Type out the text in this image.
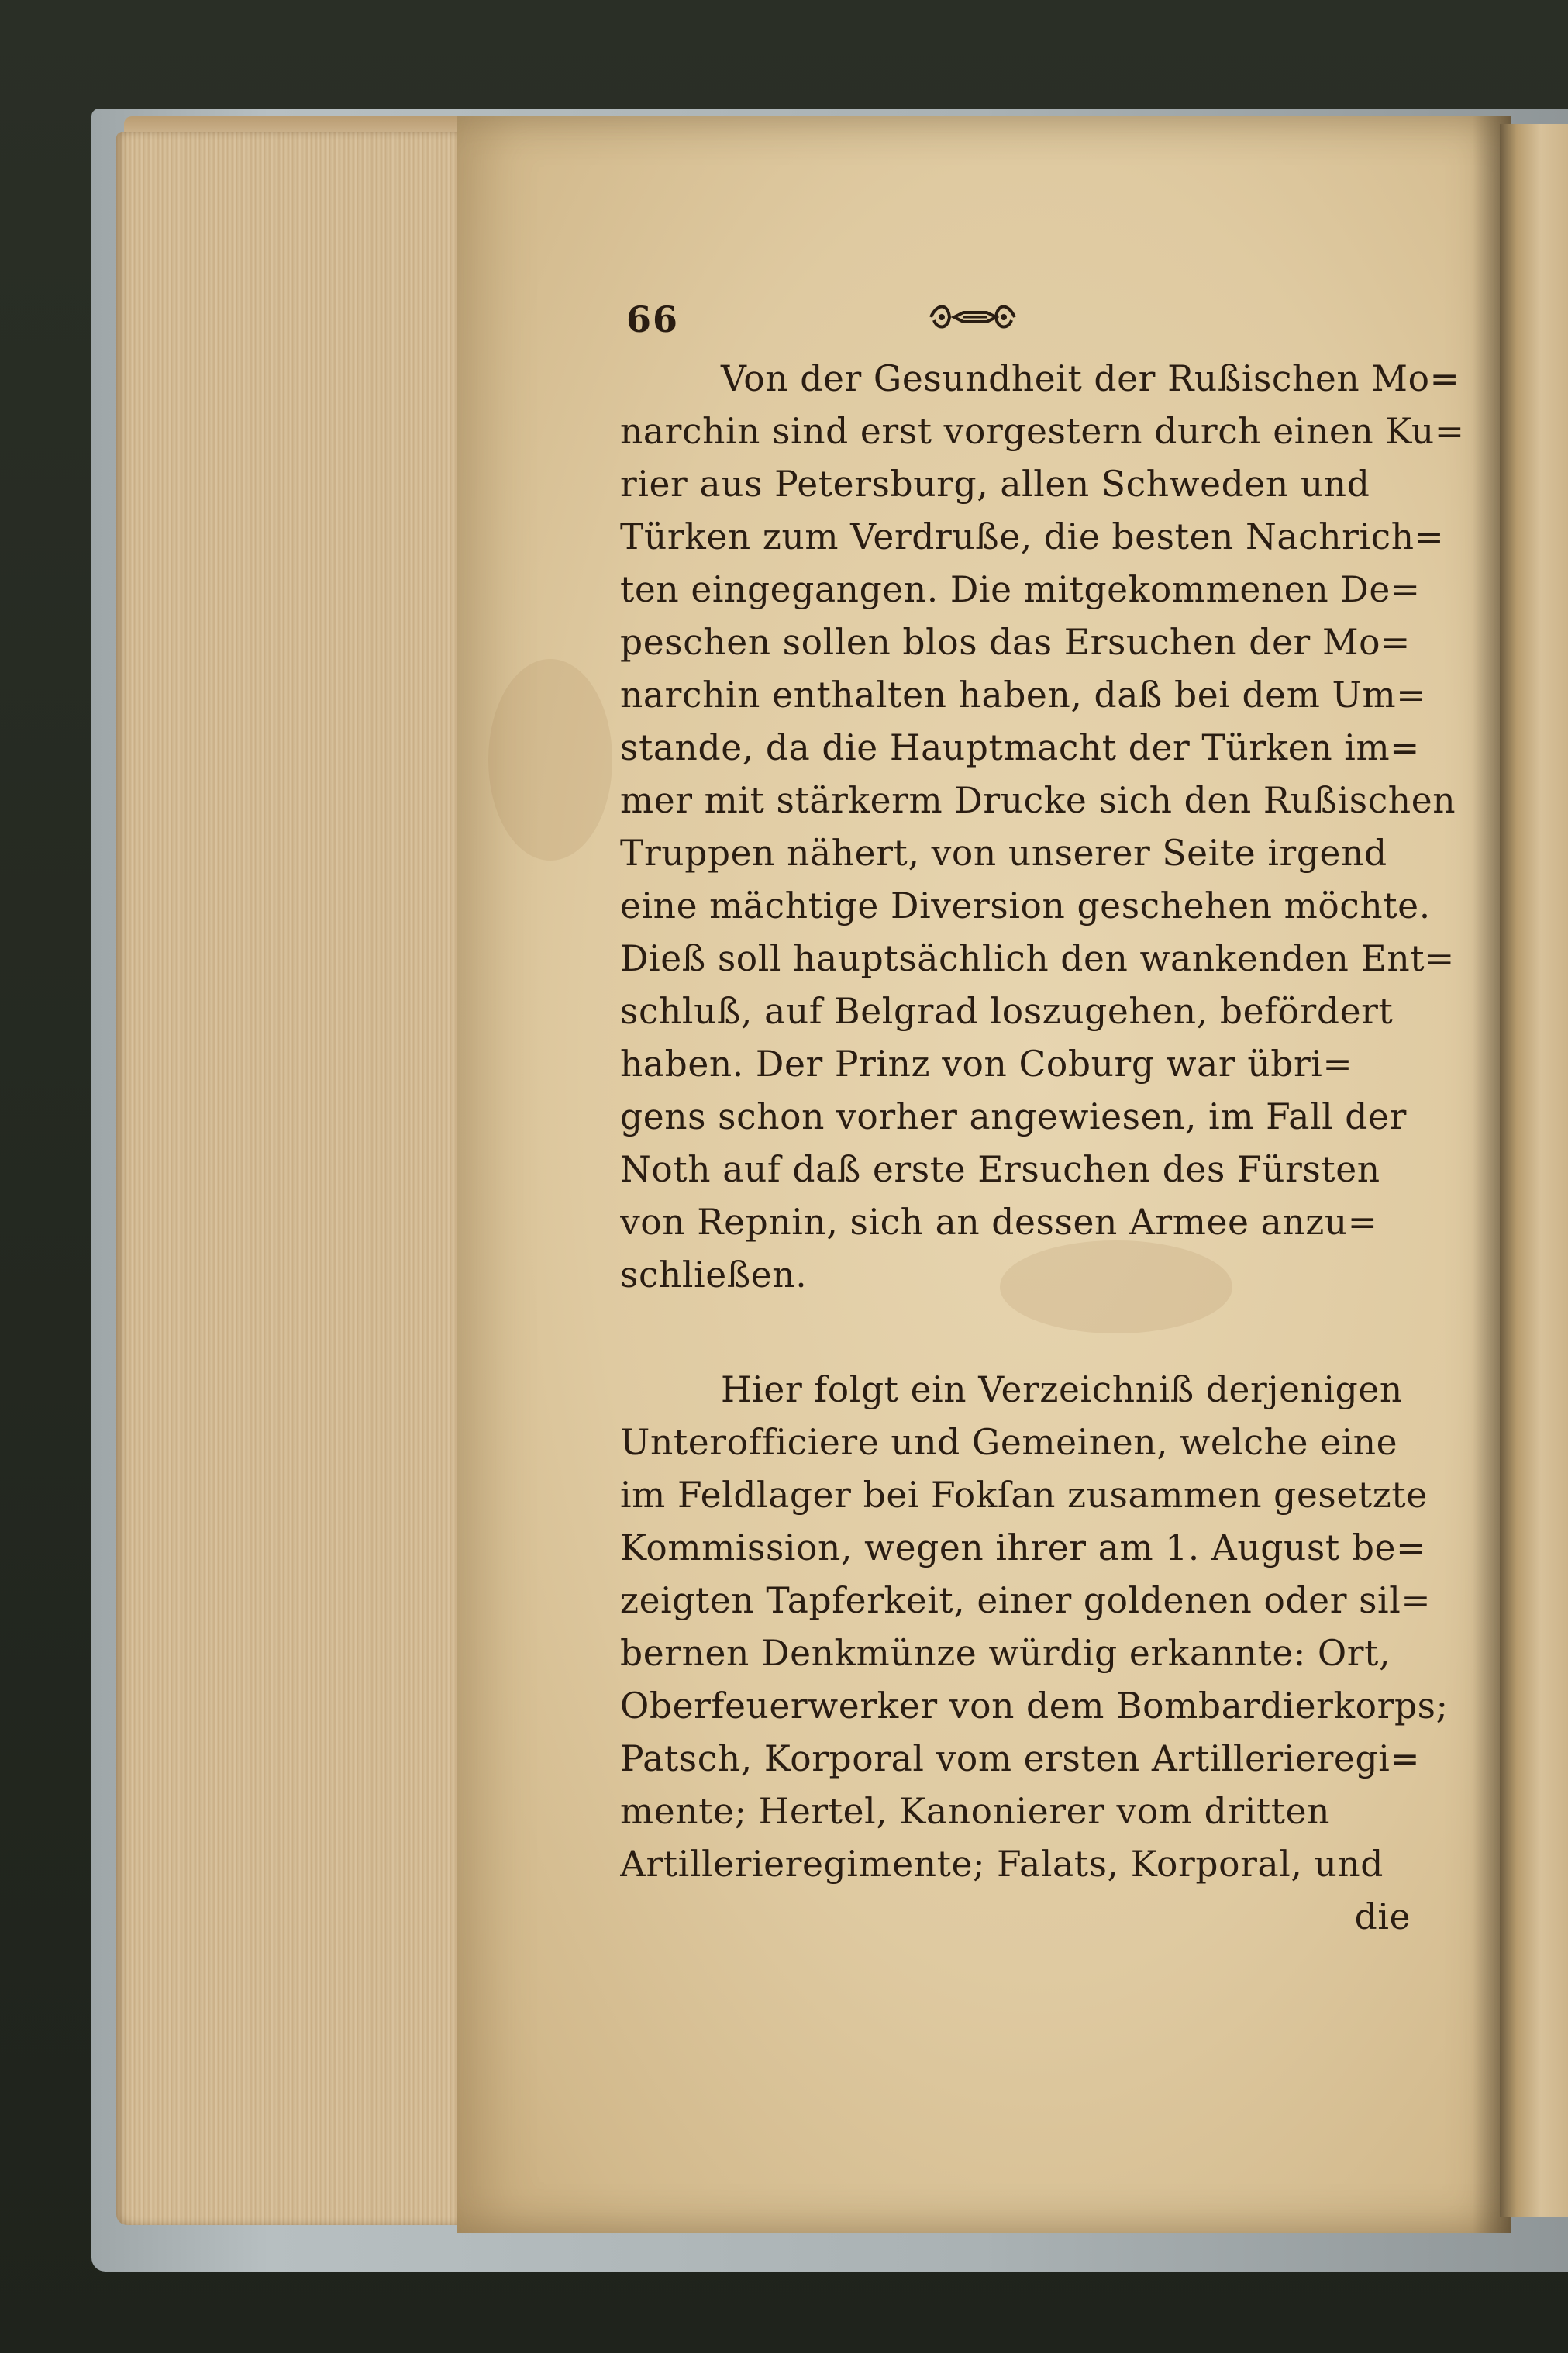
66
Von der Gesundheit der Rußischen Mo=
narchin sind erst vorgestern durch einen Ku=
rier aus Petersburg, allen Schweden und
Türken zum Verdruße, die besten Nachrich=
ten eingegangen. Die mitgekommenen De=
peschen sollen blos das Ersuchen der Mo=
narchin enthalten haben, daß bei dem Um=
stande, da die Hauptmacht der Türken im=
mer mit stärkerm Drucke sich den Rußischen
Truppen nähert, von unserer Seite irgend
eine mächtige Diversion geschehen möchte.
Dieß soll hauptsächlich den wankenden Ent=
schluß, auf Belgrad loszugehen, befördert
haben. Der Prinz von Coburg war übri=
gens schon vorher angewiesen, im Fall der
Noth auf daß erste Ersuchen des Fürsten
von Repnin, sich an dessen Armee anzu=
schließen.
Hier folgt ein Verzeichniß derjenigen
Unterofficiere und Gemeinen, welche eine
im Feldlager bei Fokſan zusammen gesetzte
Kommission, wegen ihrer am 1. August be=
zeigten Tapferkeit, einer goldenen oder sil=
bernen Denkmünze würdig erkannte: Ort,
Oberfeuerwerker von dem Bombardierkorps;
Patsch, Korporal vom ersten Artillerieregi=
mente; Hertel, Kanonierer vom dritten
Artillerieregimente; Falats, Korporal, und
die
